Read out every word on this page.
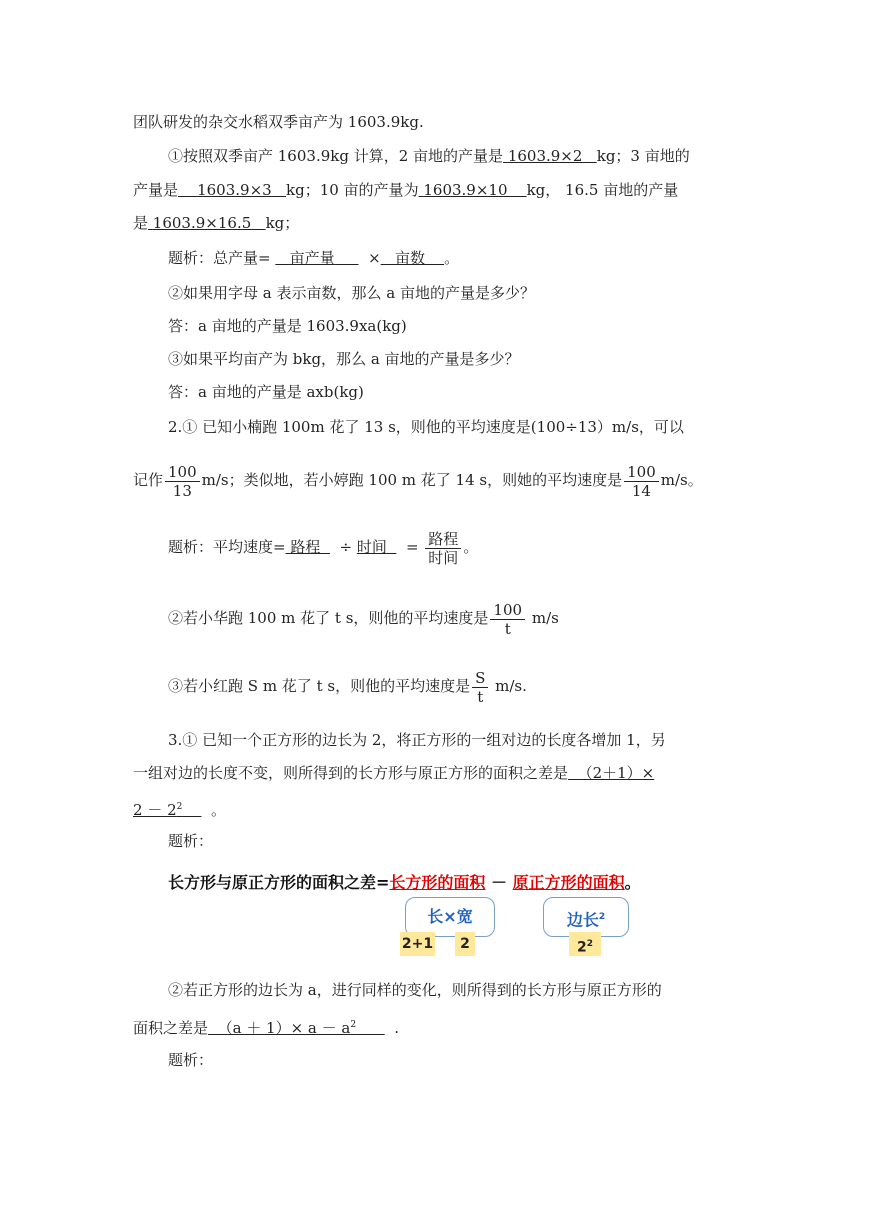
团队研发的杂交水稻双季亩产为 1603.9kg.
①按照双季亩产 1603.9kg 计算，2 亩地的产量是 1603.9×2 kg；3 亩地的
产量是 1603.9×3 kg；10 亩的产量为 1603.9×10 kg， 16.5 亩地的产量
是 1603.9×16.5 kg；
题析：总产量= 亩产量 × 亩数 。
②如果用字母 a 表示亩数，那么 a 亩地的产量是多少？
答：a 亩地的产量是 1603.9xa(kg)
③如果平均亩产为 bkg，那么 a 亩地的产量是多少？
答：a 亩地的产量是 axb(kg)
2.① 已知小楠跑 100m 花了 13 s，则他的平均速度是(100÷13）m/s，可以
记作 $\frac{100}{13} m/s$；类似地，若小婷跑 100 m 花了 14 s，则她的平均速度是 $\frac{100}{14} m/s$。
题析：平均速度= 路程 ÷ 时间 = $\frac{\text{路程}}{\text{时间}}$ 。
②若小华跑 100 m 花了 t s，则他的平均速度是 $\frac{100}{t} m/s$
③若小红跑 S m 花了 t s，则他的平均速度是 $\frac{S}{t} m/s$.
3.① 已知一个正方形的边长为 2，将正方形的一组对边的长度各增加 1，另
一组对边的长度不变，则所得到的长方形与原正方形的面积之差是 （2＋1）×
$2 - 2^2$ 。
题析：
长方形与原正方形的面积之差=长方形的面积 － 原正方形的面积。
长×宽	边长$^2$
2+1	2	$2^2$
②若正方形的边长为 a，进行同样的变化，则所得到的长方形与原正方形的
面积之差是 $(a + 1)\times a - a^2$	.
题析：
